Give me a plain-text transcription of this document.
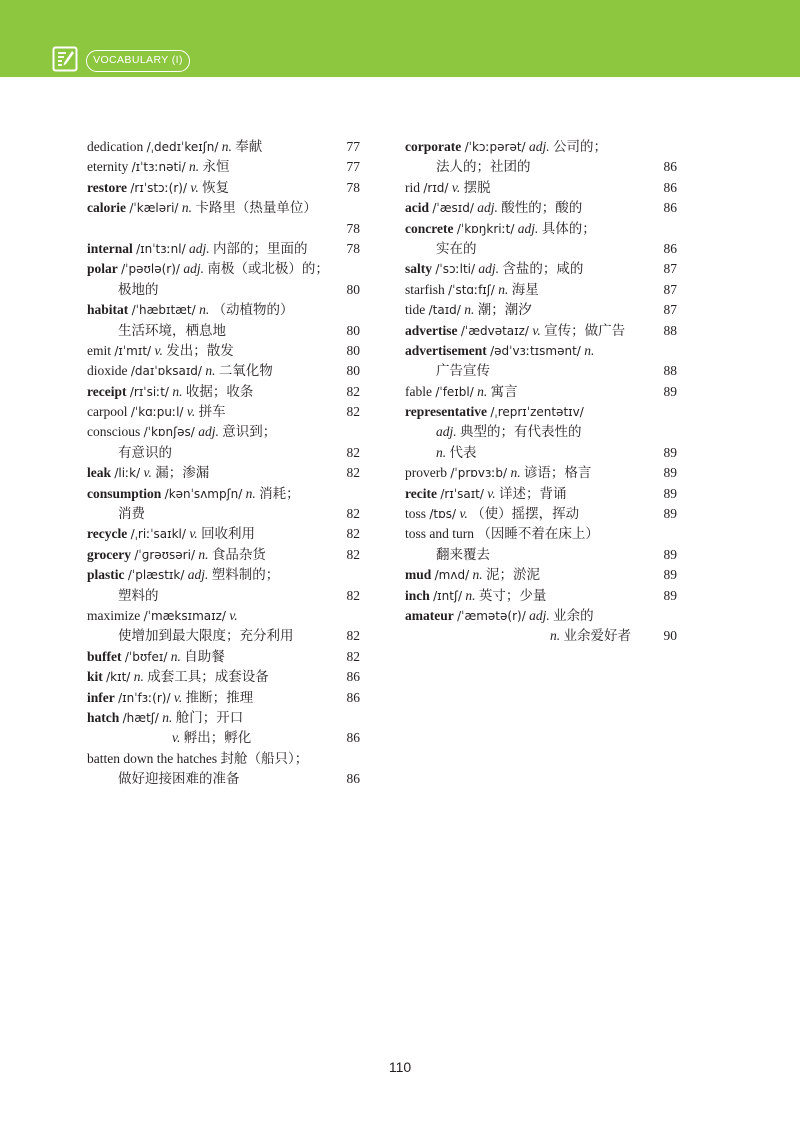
VOCABULARY (I)
dedication /ˌdedɪˈkeɪʃn/ n. 奉献	77
eternity /ɪˈtɜːnəti/ n. 永恒	77
restore /rɪˈstɔː(r)/ v. 恢复	78
calorie /ˈkæləri/ n. 卡路里（热量单位）
78
internal /ɪnˈtɜːnl/ adj. 内部的；里面的	78
polar /ˈpəʊlə(r)/ adj. 南极（或北极）的；
极地的	80
habitat /ˈhæbɪtæt/ n. （动植物的）
生活环境，栖息地	80
emit /ɪˈmɪt/ v. 发出；散发	80
dioxide /daɪˈɒksaɪd/ n. 二氧化物	80
receipt /rɪˈsiːt/ n. 收据；收条	82
carpool /ˈkɑːpuːl/ v. 拼车	82
conscious /ˈkɒnʃəs/ adj. 意识到；
有意识的	82
leak /liːk/ v. 漏；渗漏	82
consumption /kənˈsʌmpʃn/ n. 消耗；
消费	82
recycle /ˌriːˈsaɪkl/ v. 回收利用	82
grocery /ˈɡrəʊsəri/ n. 食品杂货	82
plastic /ˈplæstɪk/ adj. 塑料制的；
塑料的	82
maximize /ˈmæksɪmaɪz/ v.
使增加到最大限度；充分利用	82
buffet /ˈbʊfeɪ/ n. 自助餐	82
kit /kɪt/ n. 成套工具；成套设备	86
infer /ɪnˈfɜː(r)/ v. 推断；推理	86
hatch /hætʃ/ n. 舱门；开口
v. 孵出；孵化	86
batten down the hatches 封舱（船只）；
做好迎接困难的准备	86
corporate /ˈkɔːpərət/ adj. 公司的；
法人的；社团的	86
rid /rɪd/ v. 摆脱	86
acid /ˈæsɪd/ adj. 酸性的；酸的	86
concrete /ˈkɒŋkriːt/ adj. 具体的；
实在的	86
salty /ˈsɔːlti/ adj. 含盐的；咸的	87
starfish /ˈstɑːfɪʃ/ n. 海星	87
tide /taɪd/ n. 潮；潮汐	87
advertise /ˈædvətaɪz/ v. 宣传；做广告	88
advertisement /ədˈvɜːtɪsmənt/ n.
广告宣传	88
fable /ˈfeɪbl/ n. 寓言	89
representative /ˌreprɪˈzentətɪv/
adj. 典型的；有代表性的
n. 代表	89
proverb /ˈprɒvɜːb/ n. 谚语；格言	89
recite /rɪˈsaɪt/ v. 详述；背诵	89
toss /tɒs/ v. （使）摇摆，挥动	89
toss and turn （因睡不着在床上）
翻来覆去	89
mud /mʌd/ n. 泥；淤泥	89
inch /ɪntʃ/ n. 英寸；少量	89
amateur /ˈæmətə(r)/ adj. 业余的
n. 业余爱好者 90
110
